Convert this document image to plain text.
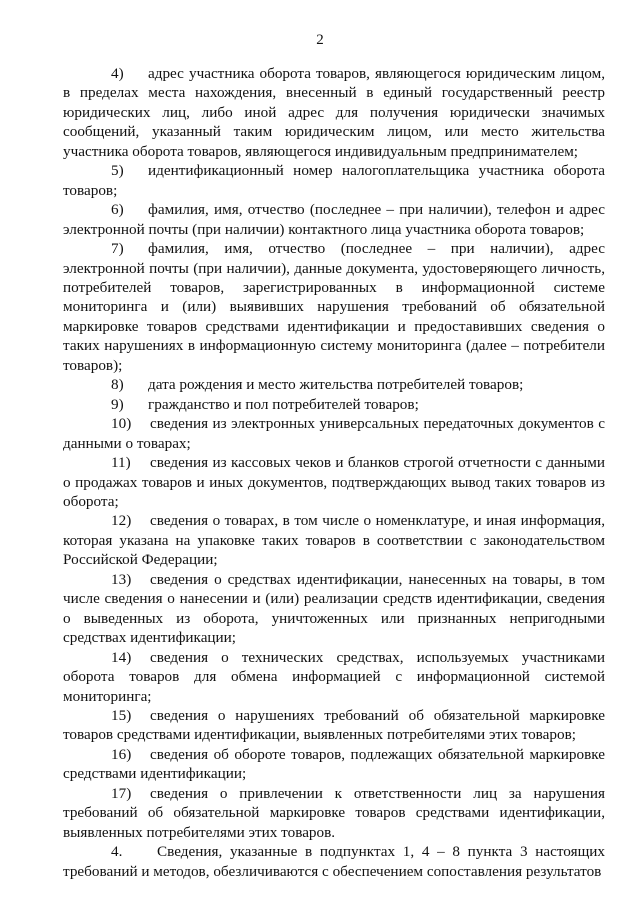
2

4) адрес участника оборота товаров, являющегося юридическим лицом, в пределах места нахождения, внесенный в единый государственный реестр юридических лиц, либо иной адрес для получения юридически значимых сообщений, указанный таким юридическим лицом, или место жительства участника оборота товаров, являющегося индивидуальным предпринимателем;

5) идентификационный номер налогоплательщика участника оборота товаров;

6) фамилия, имя, отчество (последнее – при наличии), телефон и адрес электронной почты (при наличии) контактного лица участника оборота товаров;

7) фамилия, имя, отчество (последнее – при наличии), адрес электронной почты (при наличии), данные документа, удостоверяющего личность, потребителей товаров, зарегистрированных в информационной системе мониторинга и (или) выявивших нарушения требований об обязательной маркировке товаров средствами идентификации и предоставивших сведения о таких нарушениях в информационную систему мониторинга (далее – потребители товаров);

8) дата рождения и место жительства потребителей товаров;

9) гражданство и пол потребителей товаров;

10) сведения из электронных универсальных передаточных документов с данными о товарах;

11) сведения из кассовых чеков и бланков строгой отчетности с данными о продажах товаров и иных документов, подтверждающих вывод таких товаров из оборота;

12) сведения о товарах, в том числе о номенклатуре, и иная информация, которая указана на упаковке таких товаров в соответствии с законодательством Российской Федерации;

13) сведения о средствах идентификации, нанесенных на товары, в том числе сведения о нанесении и (или) реализации средств идентификации, сведения о выведенных из оборота, уничтоженных или признанных непригодными средствах идентификации;

14) сведения о технических средствах, используемых участниками оборота товаров для обмена информацией с информационной системой мониторинга;

15) сведения о нарушениях требований об обязательной маркировке товаров средствами идентификации, выявленных потребителями этих товаров;

16) сведения об обороте товаров, подлежащих обязательной маркировке средствами идентификации;

17) сведения о привлечении к ответственности лиц за нарушения требований об обязательной маркировке товаров средствами идентификации, выявленных потребителями этих товаров.

4. Сведения, указанные в подпунктах 1, 4 – 8 пункта 3 настоящих требований и методов, обезличиваются с обеспечением сопоставления результатов
